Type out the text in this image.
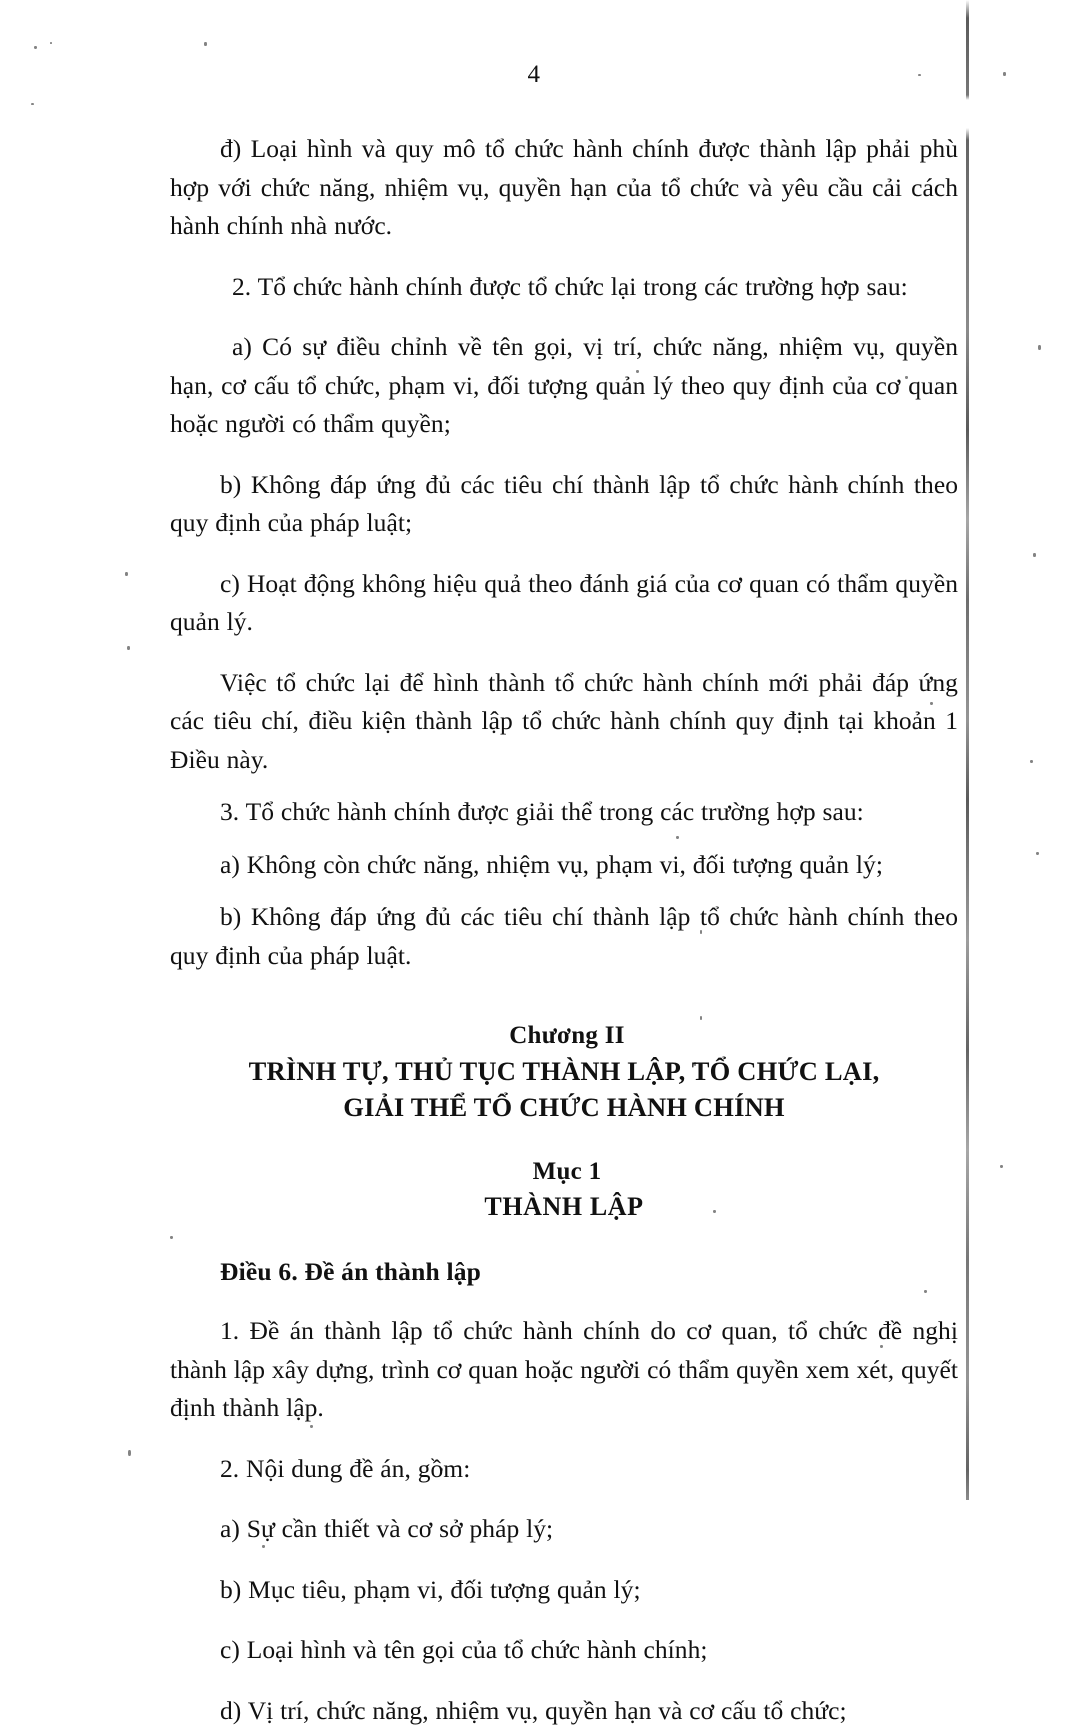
4

đ) Loại hình và quy mô tổ chức hành chính được thành lập phải phù hợp với chức năng, nhiệm vụ, quyền hạn của tổ chức và yêu cầu cải cách hành chính nhà nước.

2. Tổ chức hành chính được tổ chức lại trong các trường hợp sau:

a) Có sự điều chỉnh về tên gọi, vị trí, chức năng, nhiệm vụ, quyền hạn, cơ cấu tổ chức, phạm vi, đối tượng quản lý theo quy định của cơ quan hoặc người có thẩm quyền;

b) Không đáp ứng đủ các tiêu chí thành lập tổ chức hành chính theo quy định của pháp luật;

c) Hoạt động không hiệu quả theo đánh giá của cơ quan có thẩm quyền quản lý.

Việc tổ chức lại để hình thành tổ chức hành chính mới phải đáp ứng các tiêu chí, điều kiện thành lập tổ chức hành chính quy định tại khoản 1 Điều này.

3. Tổ chức hành chính được giải thể trong các trường hợp sau:

a) Không còn chức năng, nhiệm vụ, phạm vi, đối tượng quản lý;

b) Không đáp ứng đủ các tiêu chí thành lập tổ chức hành chính theo quy định của pháp luật.

Chương II
TRÌNH TỰ, THỦ TỤC THÀNH LẬP, TỔ CHỨC LẠI,
GIẢI THỂ TỔ CHỨC HÀNH CHÍNH
Mục 1
THÀNH LẬP
Điều 6. Đề án thành lập

1. Đề án thành lập tổ chức hành chính do cơ quan, tổ chức đề nghị thành lập xây dựng, trình cơ quan hoặc người có thẩm quyền xem xét, quyết định thành lập.

2. Nội dung đề án, gồm:

a) Sự cần thiết và cơ sở pháp lý;

b) Mục tiêu, phạm vi, đối tượng quản lý;

c) Loại hình và tên gọi của tổ chức hành chính;

d) Vị trí, chức năng, nhiệm vụ, quyền hạn và cơ cấu tổ chức;
